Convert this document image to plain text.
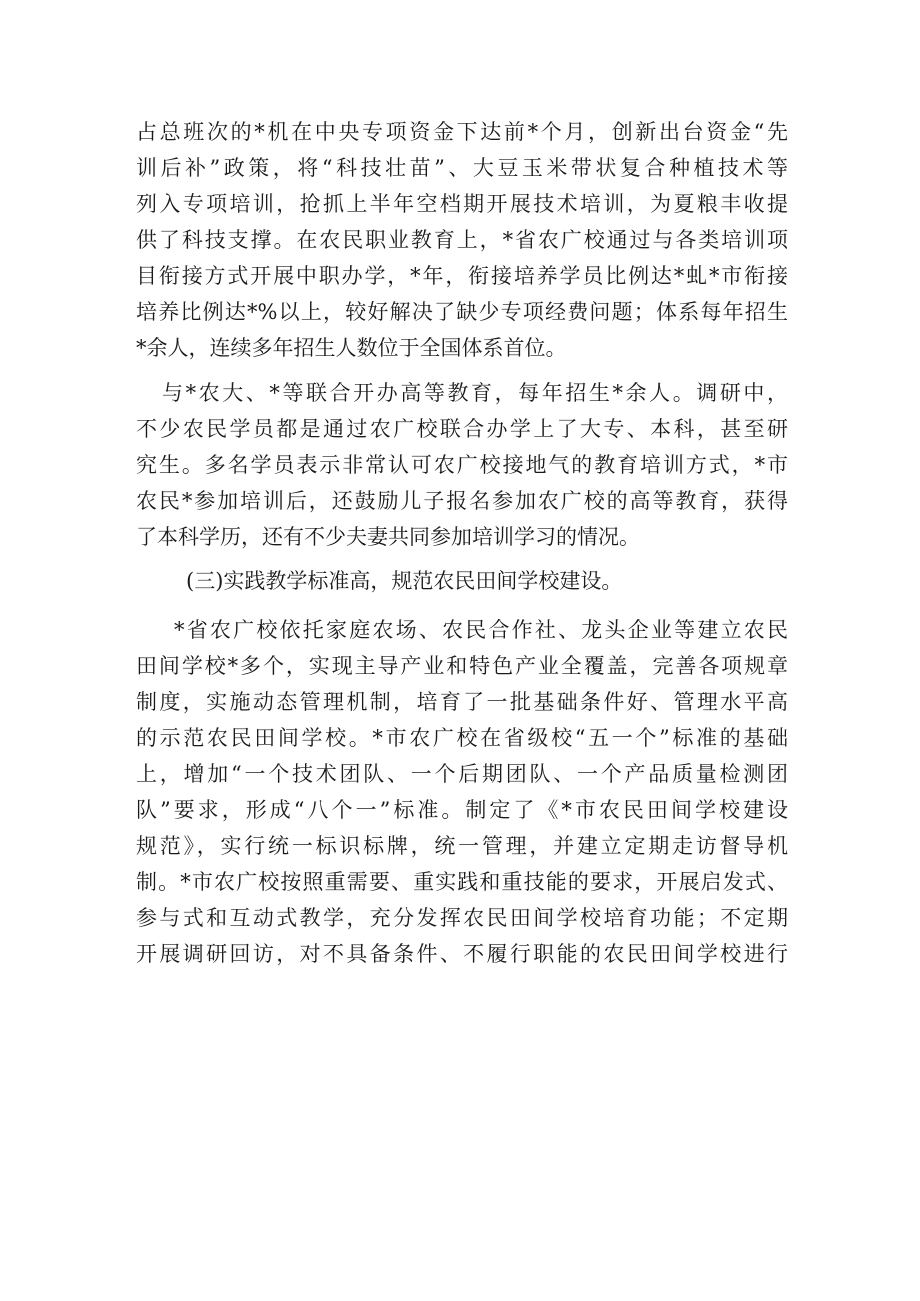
占总班次的*机在中央专项资金下达前*个月，创新出台资金“先
训后补”政策，将“科技壮苗”、大豆玉米带状复合种植技术等
列入专项培训，抢抓上半年空档期开展技术培训，为夏粮丰收提
供了科技支撑。在农民职业教育上，*省农广校通过与各类培训项
目衔接方式开展中职办学，*年，衔接培养学员比例达*虬*市衔接
培养比例达*%以上，较好解决了缺少专项经费问题；体系每年招生
*余人，连续多年招生人数位于全国体系首位。
与*农大、*等联合开办高等教育，每年招生*余人。调研中，
不少农民学员都是通过农广校联合办学上了大专、本科，甚至研
究生。多名学员表示非常认可农广校接地气的教育培训方式，*市
农民*参加培训后，还鼓励儿子报名参加农广校的高等教育，获得
了本科学历，还有不少夫妻共同参加培训学习的情况。
(三)实践教学标准高，规范农民田间学校建设。
*省农广校依托家庭农场、农民合作社、龙头企业等建立农民
田间学校*多个，实现主导产业和特色产业全覆盖，完善各项规章
制度，实施动态管理机制，培育了一批基础条件好、管理水平高
的示范农民田间学校。*市农广校在省级校“五一个”标准的基础
上，增加“一个技术团队、一个后期团队、一个产品质量检测团
队”要求，形成“八个一”标准。制定了《*市农民田间学校建设
规范》，实行统一标识标牌，统一管理，并建立定期走访督导机
制。*市农广校按照重需要、重实践和重技能的要求，开展启发式、
参与式和互动式教学，充分发挥农民田间学校培育功能；不定期
开展调研回访，对不具备条件、不履行职能的农民田间学校进行
